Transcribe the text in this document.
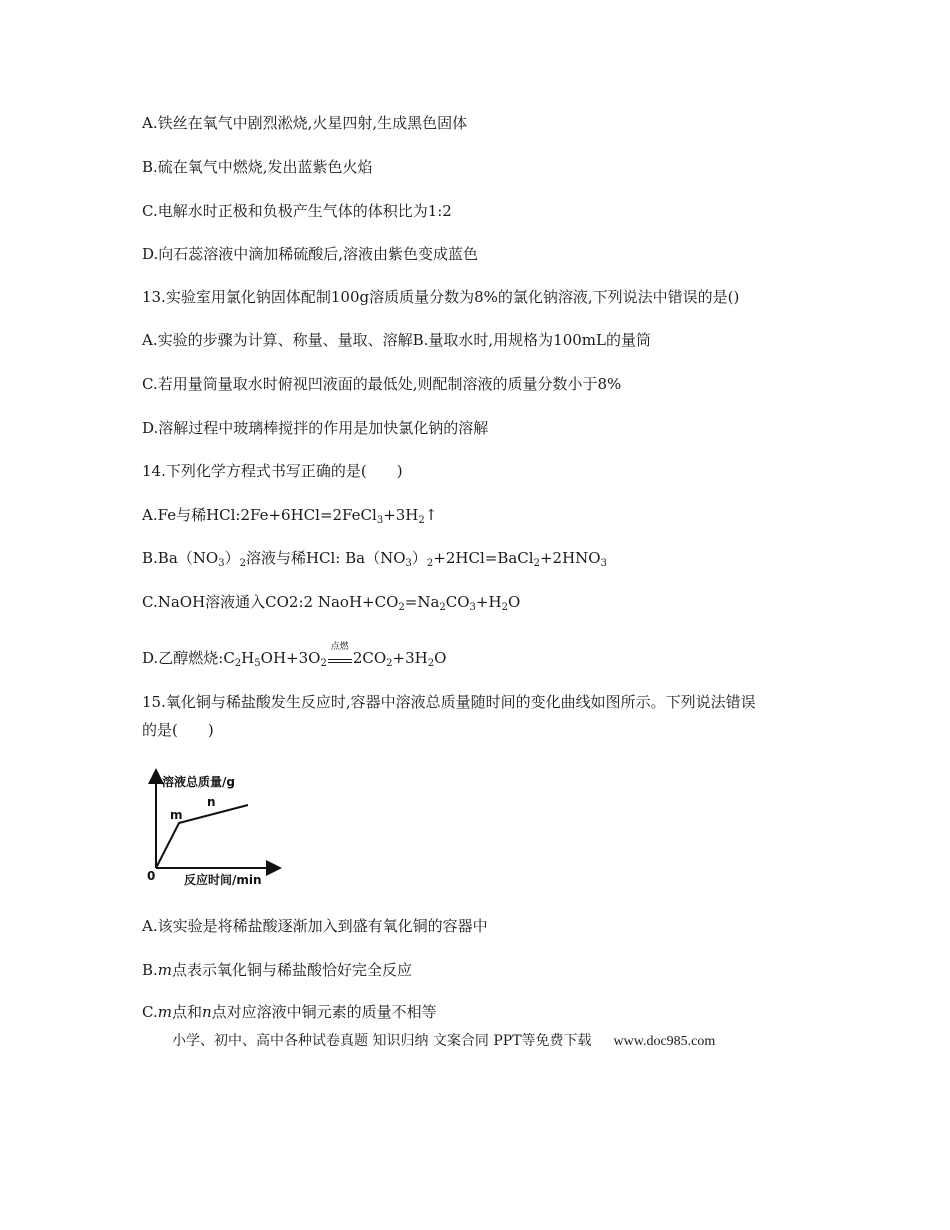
A.铁丝在氧气中剧烈淞烧,火星四射,生成黑色固体
B.硫在氧气中燃烧,发出蓝紫色火焰
C.电解水时正极和负极产生气体的体积比为1:2
D.向石蕊溶液中滴加稀硫酸后,溶液由紫色变成蓝色
13.实验室用氯化钠固体配制100g溶质质量分数为8%的氯化钠溶液,下列说法中错误的是()
A.实验的步骤为计算、称量、量取、溶解B.量取水时,用规格为100mL的量筒
C.若用量筒量取水时俯视凹液面的最低处,则配制溶液的质量分数小于8%
D.溶解过程中玻璃棒搅拌的作用是加快氯化钠的溶解
14.下列化学方程式书写正确的是(　　)
A.Fe与稀$HCl:2Fe+6HCl=2FeCl_3+3H_2↑$
$B.Ba(NO_3)_2$溶液与稀HCl: $Ba(NO_3)_2+2HCl=BaCl_2+2HNO_3$
C.NaOH溶液通入CO2:2 $NaoH+CO_2=Na_2CO_3+H_2O$
D.乙醇燃烧$:C_2H_5OH+3O_2$
点燃
$2CO_2+3H_2O$
15.氧化铜与稀盐酸发生反应时,容器中溶液总质量随时间的变化曲线如图所示。下列说法错误
的是(　　)
溶液总质量/g
反应时间/min
0
m
n
A.该实验是将稀盐酸逐渐加入到盛有氧化铜的容器中
B.m点表示氧化铜与稀盐酸恰好完全反应
C.m点和n点对应溶液中铜元素的质量不相等
小学、初中、高中各种试卷真题 知识归纳 文案合同 PPT等免费下载 www.doc985.com
